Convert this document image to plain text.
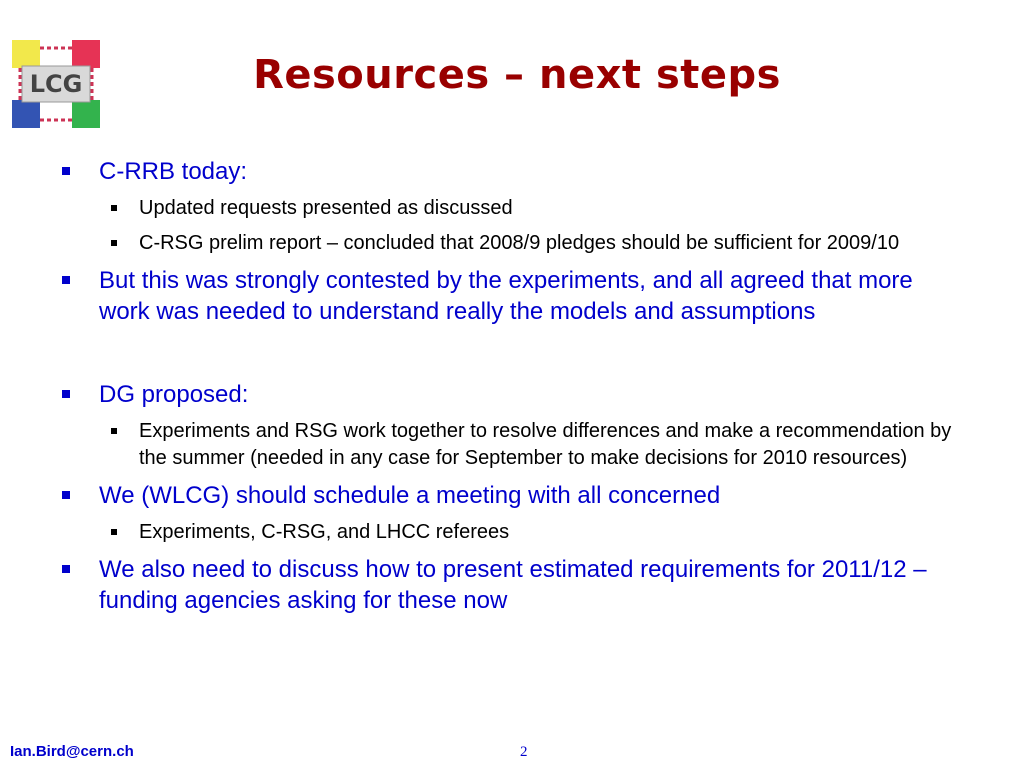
LCG	Resources – next steps
C-RRB today:
Updated requests presented as discussed
C-RSG prelim report – concluded that 2008/9 pledges should be sufficient for 2009/10
But this was strongly contested by the experiments, and all agreed that more work was needed to understand really the models and assumptions
DG proposed:
Experiments and RSG work together to resolve differences and make a recommendation by the summer (needed in any case for September to make decisions for 2010 resources)
We (WLCG) should schedule a meeting with all concerned
Experiments, C-RSG, and LHCC referees
We also need to discuss how to present estimated requirements for 2011/12 – funding agencies asking for these now
Ian.Bird@cern.ch	2
